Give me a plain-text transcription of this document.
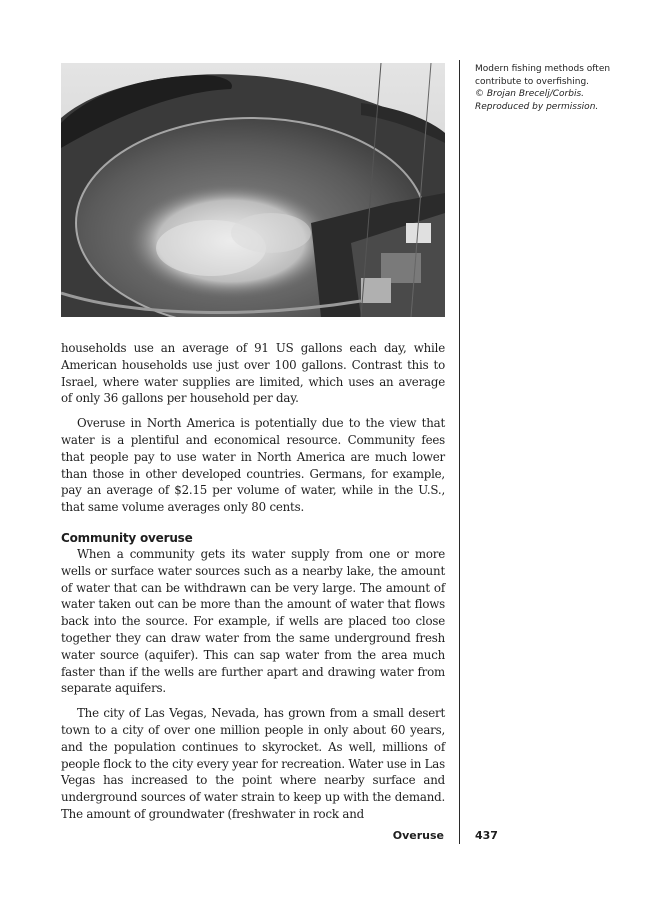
Modern fishing methods often contribute to overfishing.
© Brojan Brecelj/Corbis.
Reproduced by permission.

households use an average of 91 US gallons each day, while American households use just over 100 gallons. Contrast this to Israel, where water supplies are limited, which uses an average of only 36 gallons per household per day.

Overuse in North America is potentially due to the view that water is a plentiful and economical resource. Community fees that people pay to use water in North America are much lower than those in other developed countries. Germans, for example, pay an average of $2.15 per volume of water, while in the U.S., that same volume averages only 80 cents.

Community overuse

When a community gets its water supply from one or more wells or surface water sources such as a nearby lake, the amount of water that can be withdrawn can be very large. The amount of water taken out can be more than the amount of water that flows back into the source. For example, if wells are placed too close together they can draw water from the same underground fresh water source (aquifer). This can sap water from the area much faster than if the wells are further apart and drawing water from separate aquifers.

The city of Las Vegas, Nevada, has grown from a small desert town to a city of over one million people in only about 60 years, and the population continues to skyrocket. As well, millions of people flock to the city every year for recreation. Water use in Las Vegas has increased to the point where nearby surface and underground sources of water strain to keep up with the demand. The amount of groundwater (freshwater in rock and

Overuse	437
